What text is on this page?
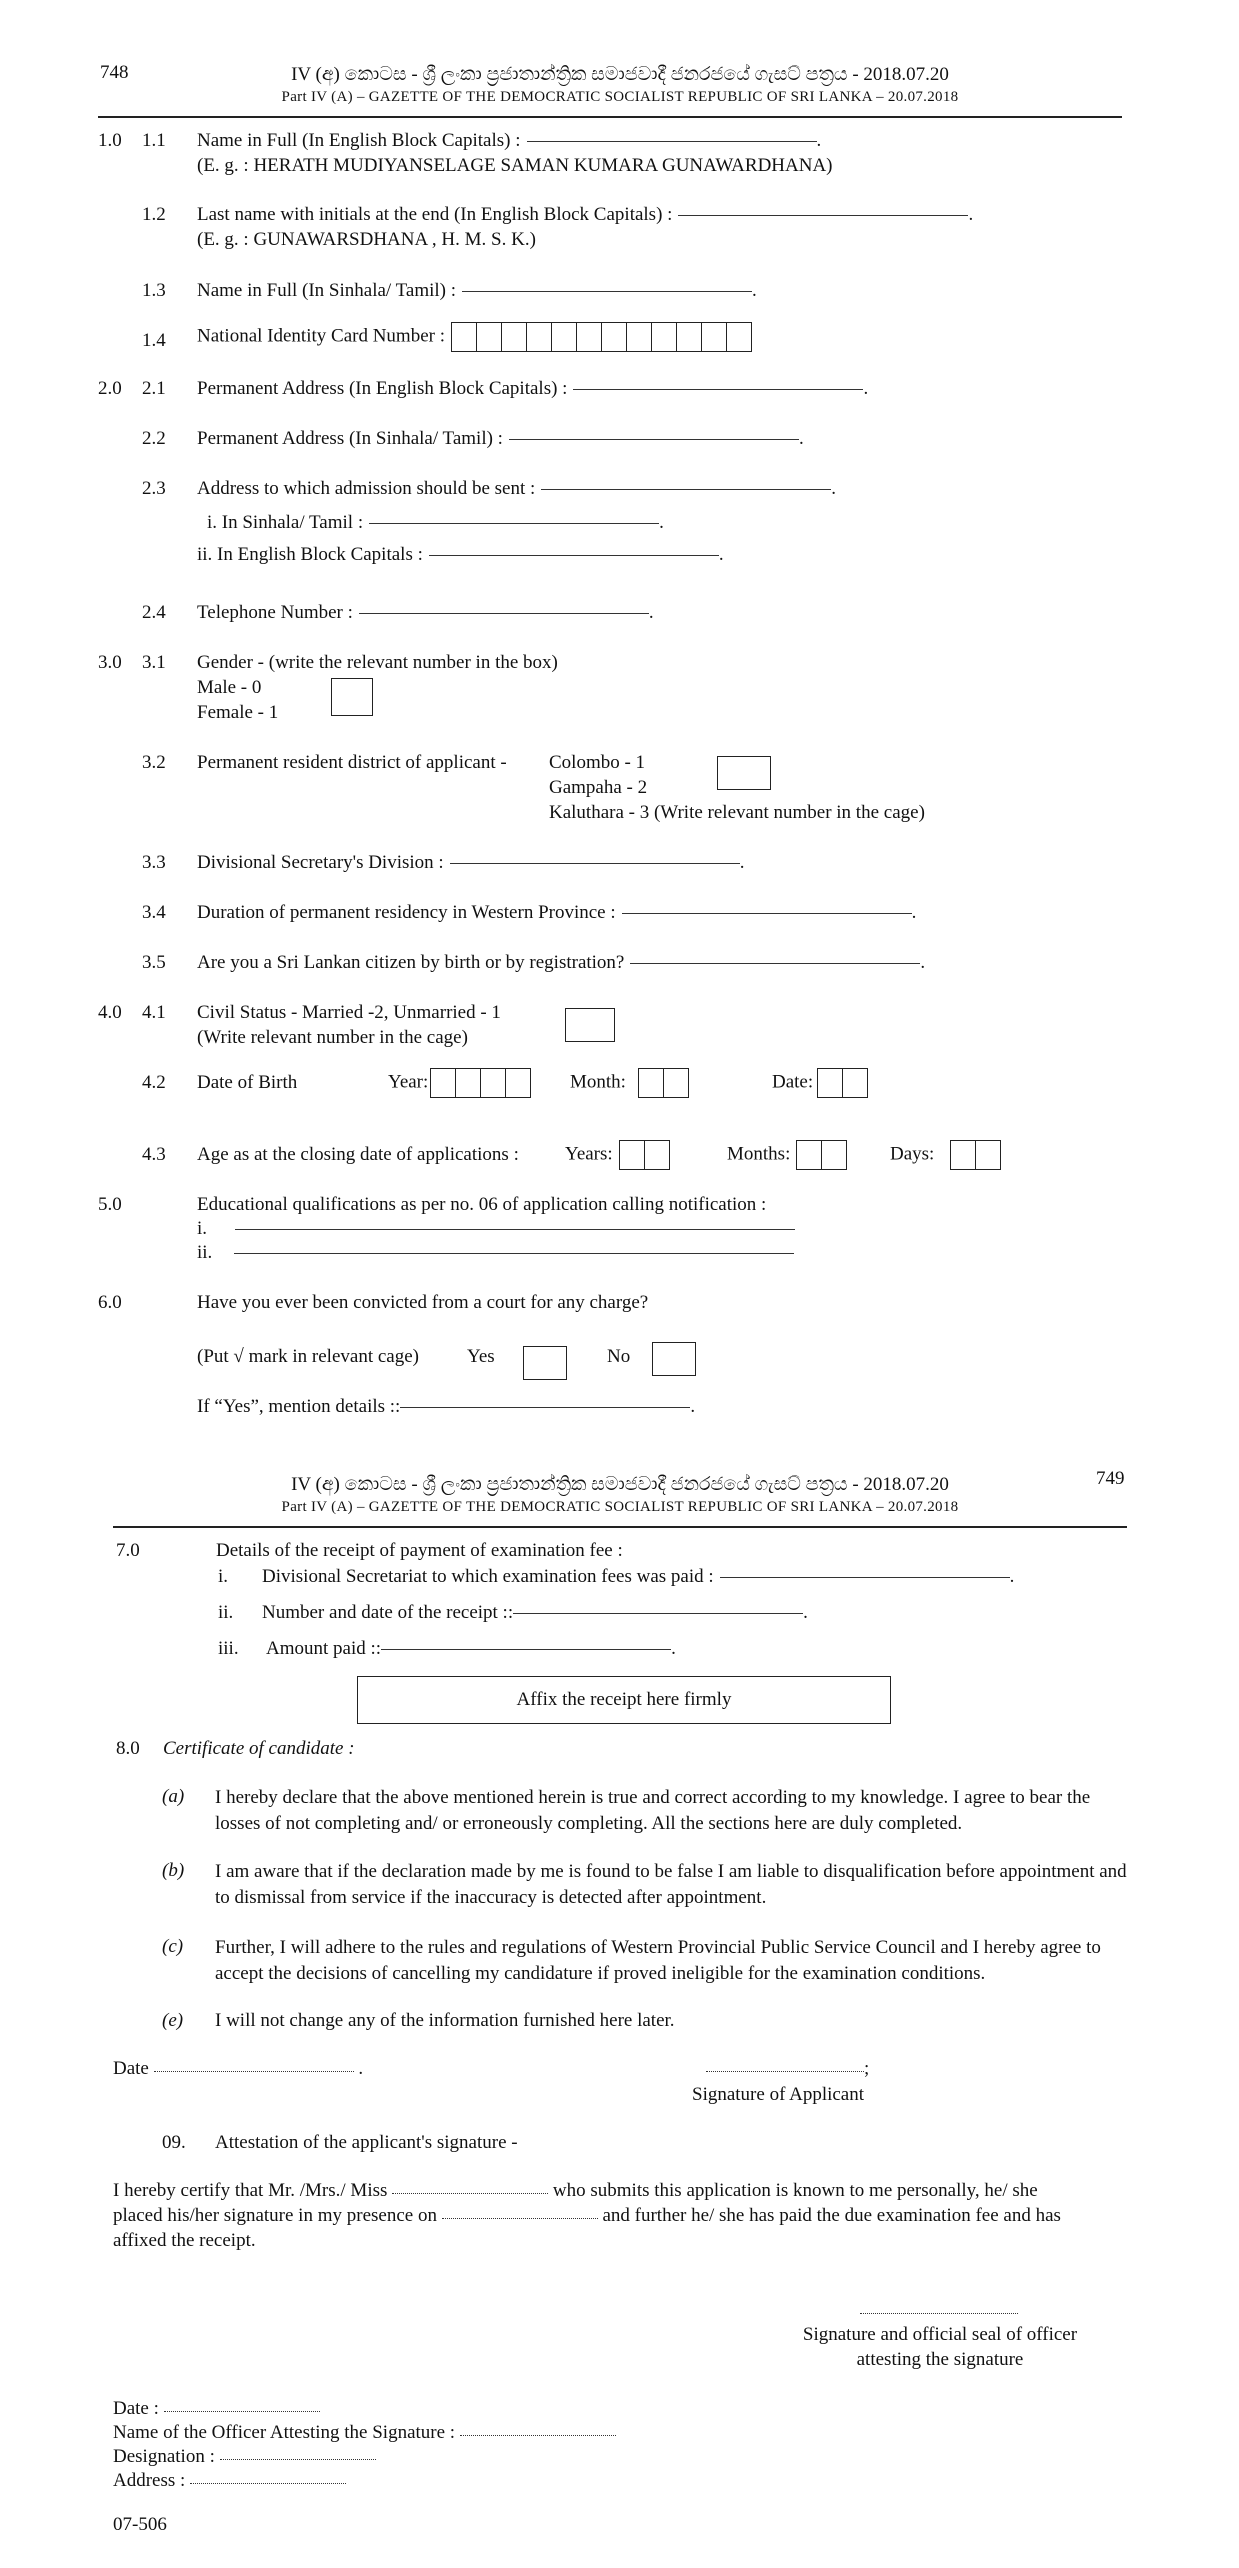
748	IV (අ) කොටස - ශ්‍රී ලංකා ප්‍රජාතාන්ත්‍රික සමාජවාදී ජනරජයේ ගැසට් පත්‍රය - 2018.07.20
Part IV (A) – GAZETTE OF THE DEMOCRATIC SOCIALIST REPUBLIC OF SRI LANKA – 20.07.2018
1.0 1.1 Name in Full (In English Block Capitals) :	.
(E. g. : HERATH MUDIYANSELAGE SAMAN KUMARA GUNAWARDHANA)
1.2 Last name with initials at the end (In English Block Capitals) :	.
(E. g. : GUNAWARSDHANA , H. M. S. K.)
1.3 Name in Full (In Sinhala/ Tamil) :	.
1.4 National Identity Card Number :
2.0 2.1 Permanent Address (In English Block Capitals) :	.
2.2 Permanent Address (In Sinhala/ Tamil) :	.
2.3 Address to which admission should be sent :	.
i. In Sinhala/ Tamil :	.
ii. In English Block Capitals :	.
2.4 Telephone Number :	.
3.0 3.1 Gender - (write the relevant number in the box)
Male - 0
Female - 1
3.2 Permanent resident district of applicant - Colombo - 1
Gampaha - 2
Kaluthara - 3 (Write relevant number in the cage)
3.3 Divisional Secretary's Division :	.
3.4 Duration of permanent residency in Western Province :	.
3.5 Are you a Sri Lankan citizen by birth or by registration?	.
4.0 4.1 Civil Status - Married -2, Unmarried - 1
(Write relevant number in the cage)
4.2 Date of Birth	Year:	Month:	Date:
4.3 Age as at the closing date of applications : Years:	Months:	Days:
5.0	Educational qualifications as per no. 06 of application calling notification :
i.
ii.
6.0	Have you ever been convicted from a court for any charge?
(Put √ mark in relevant cage)	Yes	No
If “Yes”, mention details ::	.
IV (අ) කොටස - ශ්‍රී ලංකා ප්‍රජාතාන්ත්‍රික සමාජවාදී ජනරජයේ ගැසට් පත්‍රය - 2018.07.20
Part IV (A) – GAZETTE OF THE DEMOCRATIC SOCIALIST REPUBLIC OF SRI LANKA – 20.07.2018
749
7.0	Details of the receipt of payment of examination fee :
i. Divisional Secretariat to which examination fees was paid :	.
ii. Number and date of the receipt ::	.
iii. Amount paid ::	.
Affix the receipt here firmly
8.0 Certificate of candidate :
(a) I hereby declare that the above mentioned herein is true and correct according to my knowledge. I agree to bear the losses of not completing and/ or erroneously completing. All the sections here are duly completed.
(b) I am aware that if the declaration made by me is found to be false I am liable to disqualification before appointment and to dismissal from service if the inaccuracy is detected after appointment.
(c) Further, I will adhere to the rules and regulations of Western Provincial Public Service Council and I hereby agree to accept the decisions of cancelling my candidature if proved ineligible for the examination conditions.
(e) I will not change any of the information furnished here later.
Date	.	;
Signature of Applicant
09. Attestation of the applicant's signature -
I hereby certify that Mr. /Mrs./ Miss	who submits this application is known to me personally, he/ she
placed his/her signature in my presence on	and further he/ she has paid the due examination fee and has
affixed the receipt.
Signature and official seal of officer
attesting the signature
Date :
Name of the Officer Attesting the Signature :
Designation :
Address :
07-506
